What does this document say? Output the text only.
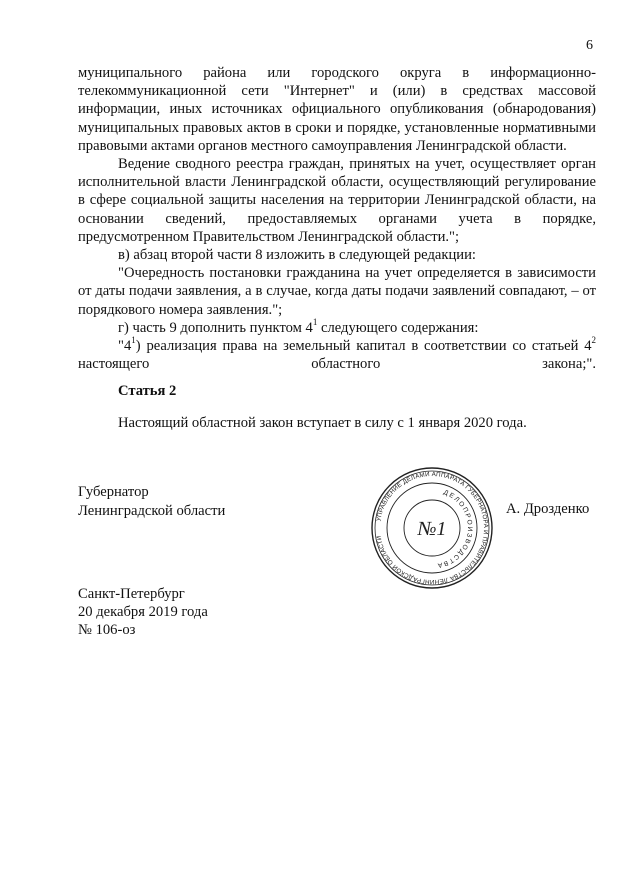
6

муниципального района или городского округа в информационно-телекоммуникационной сети "Интернет" и (или) в средствах массовой информации, иных источниках официального опубликования (обнародования) муниципальных правовых актов в сроки и порядке, установленные нормативными правовыми актами органов местного самоуправления Ленинградской области.

Ведение сводного реестра граждан, принятых на учет, осуществляет орган исполнительной власти Ленинградской области, осуществляющий регулирование в сфере социальной защиты населения на территории Ленинградской области, на основании сведений, предоставляемых органами учета в порядке, предусмотренном Правительством Ленинградской области.";

в) абзац второй части 8 изложить в следующей редакции:

"Очередность постановки гражданина на учет определяется в зависимости от даты подачи заявления, а в случае, когда даты подачи заявлений совпадают, – от порядкового номера заявления.";

г) часть 9 дополнить пунктом $4^1$ следующего содержания:

"$4^1$) реализация права на земельный капитал в соответствии со статьей $4^2$ настоящего областного закона;".

Статья 2
Настоящий областной закон вступает в силу с 1 января 2020 года.
Губернатор
Ленинградской области
УПРАВЛЕНИЕ ДЕЛАМИ АППАРАТА ГУБЕРНАТОРА И ПРАВИТЕЛЬСТВА ЛЕНИНГРАДСКОЙ ОБЛАСТИ
ДЕЛОПРОИЗВОДСТВА
№1
А. Дрозденко
Санкт-Петербург
20 декабря 2019 года
№ 106-оз
